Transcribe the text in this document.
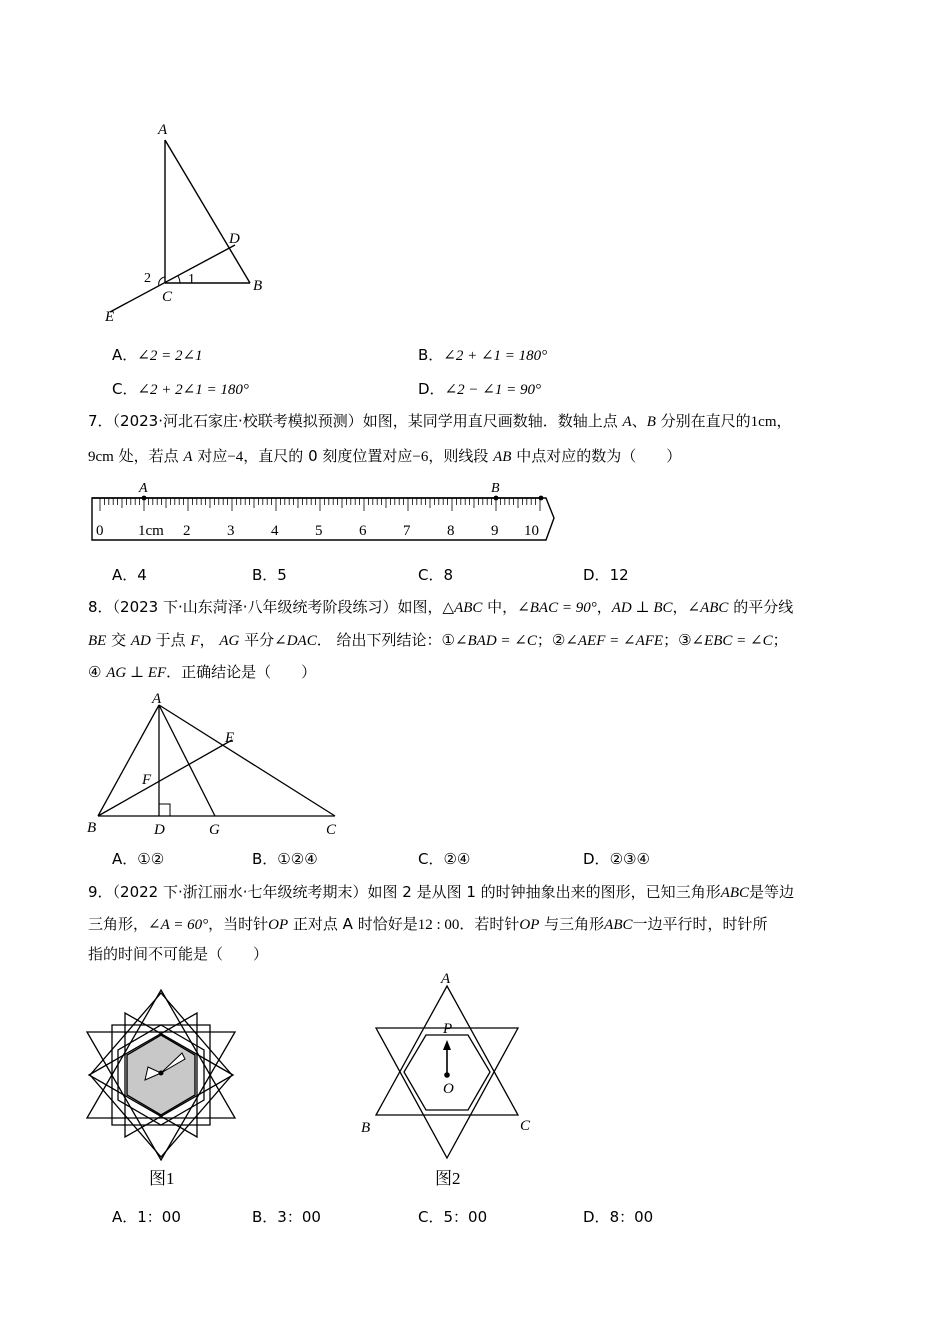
A
D
B
C
E
1
2
A．∠2 = 2∠1	B．∠2 + ∠1 = 180°
C．∠2 + 2∠1 = 180°	D．∠2 − ∠1 = 90°
7．（2023·河北石家庄·校联考模拟预测）如图，某同学用直尺画数轴．数轴上点 A、B 分别在直尺的1cm，
9cm 处，若点 A 对应−4，直尺的 0 刻度位置对应−6，则线段 AB 中点对应的数为（　　）
A	B
0 1cm 2 3 4 5 6 7 8 9 10
A．4	B．5	C．8	D．12
8．（2023 下·山东菏泽·八年级统考阶段练习）如图，△ABC 中，∠BAC = 90°，AD ⊥ BC，∠ABC 的平分线
BE 交 AD 于点 F， AG 平分∠DAC． 给出下列结论：①∠BAD = ∠C；②∠AEF = ∠AFE；③∠EBC = ∠C；
④ AG ⊥ EF．正确结论是（　　）
A
E
F
B	D	G	C
A．①②	B．①②④	C．②④	D．②③④
9．（2022 下·浙江丽水·七年级统考期末）如图 2 是从图 1 的时钟抽象出来的图形，已知三角形ABC是等边
三角形，∠A = 60°，当时针OP 正对点 A 时恰好是12 : 00．若时针OP 与三角形ABC一边平行时，时针所
指的时间不可能是（　　）
图1
A
P
O
B	C
图2
A．1：00	B．3：00	C．5：00	D．8：00
